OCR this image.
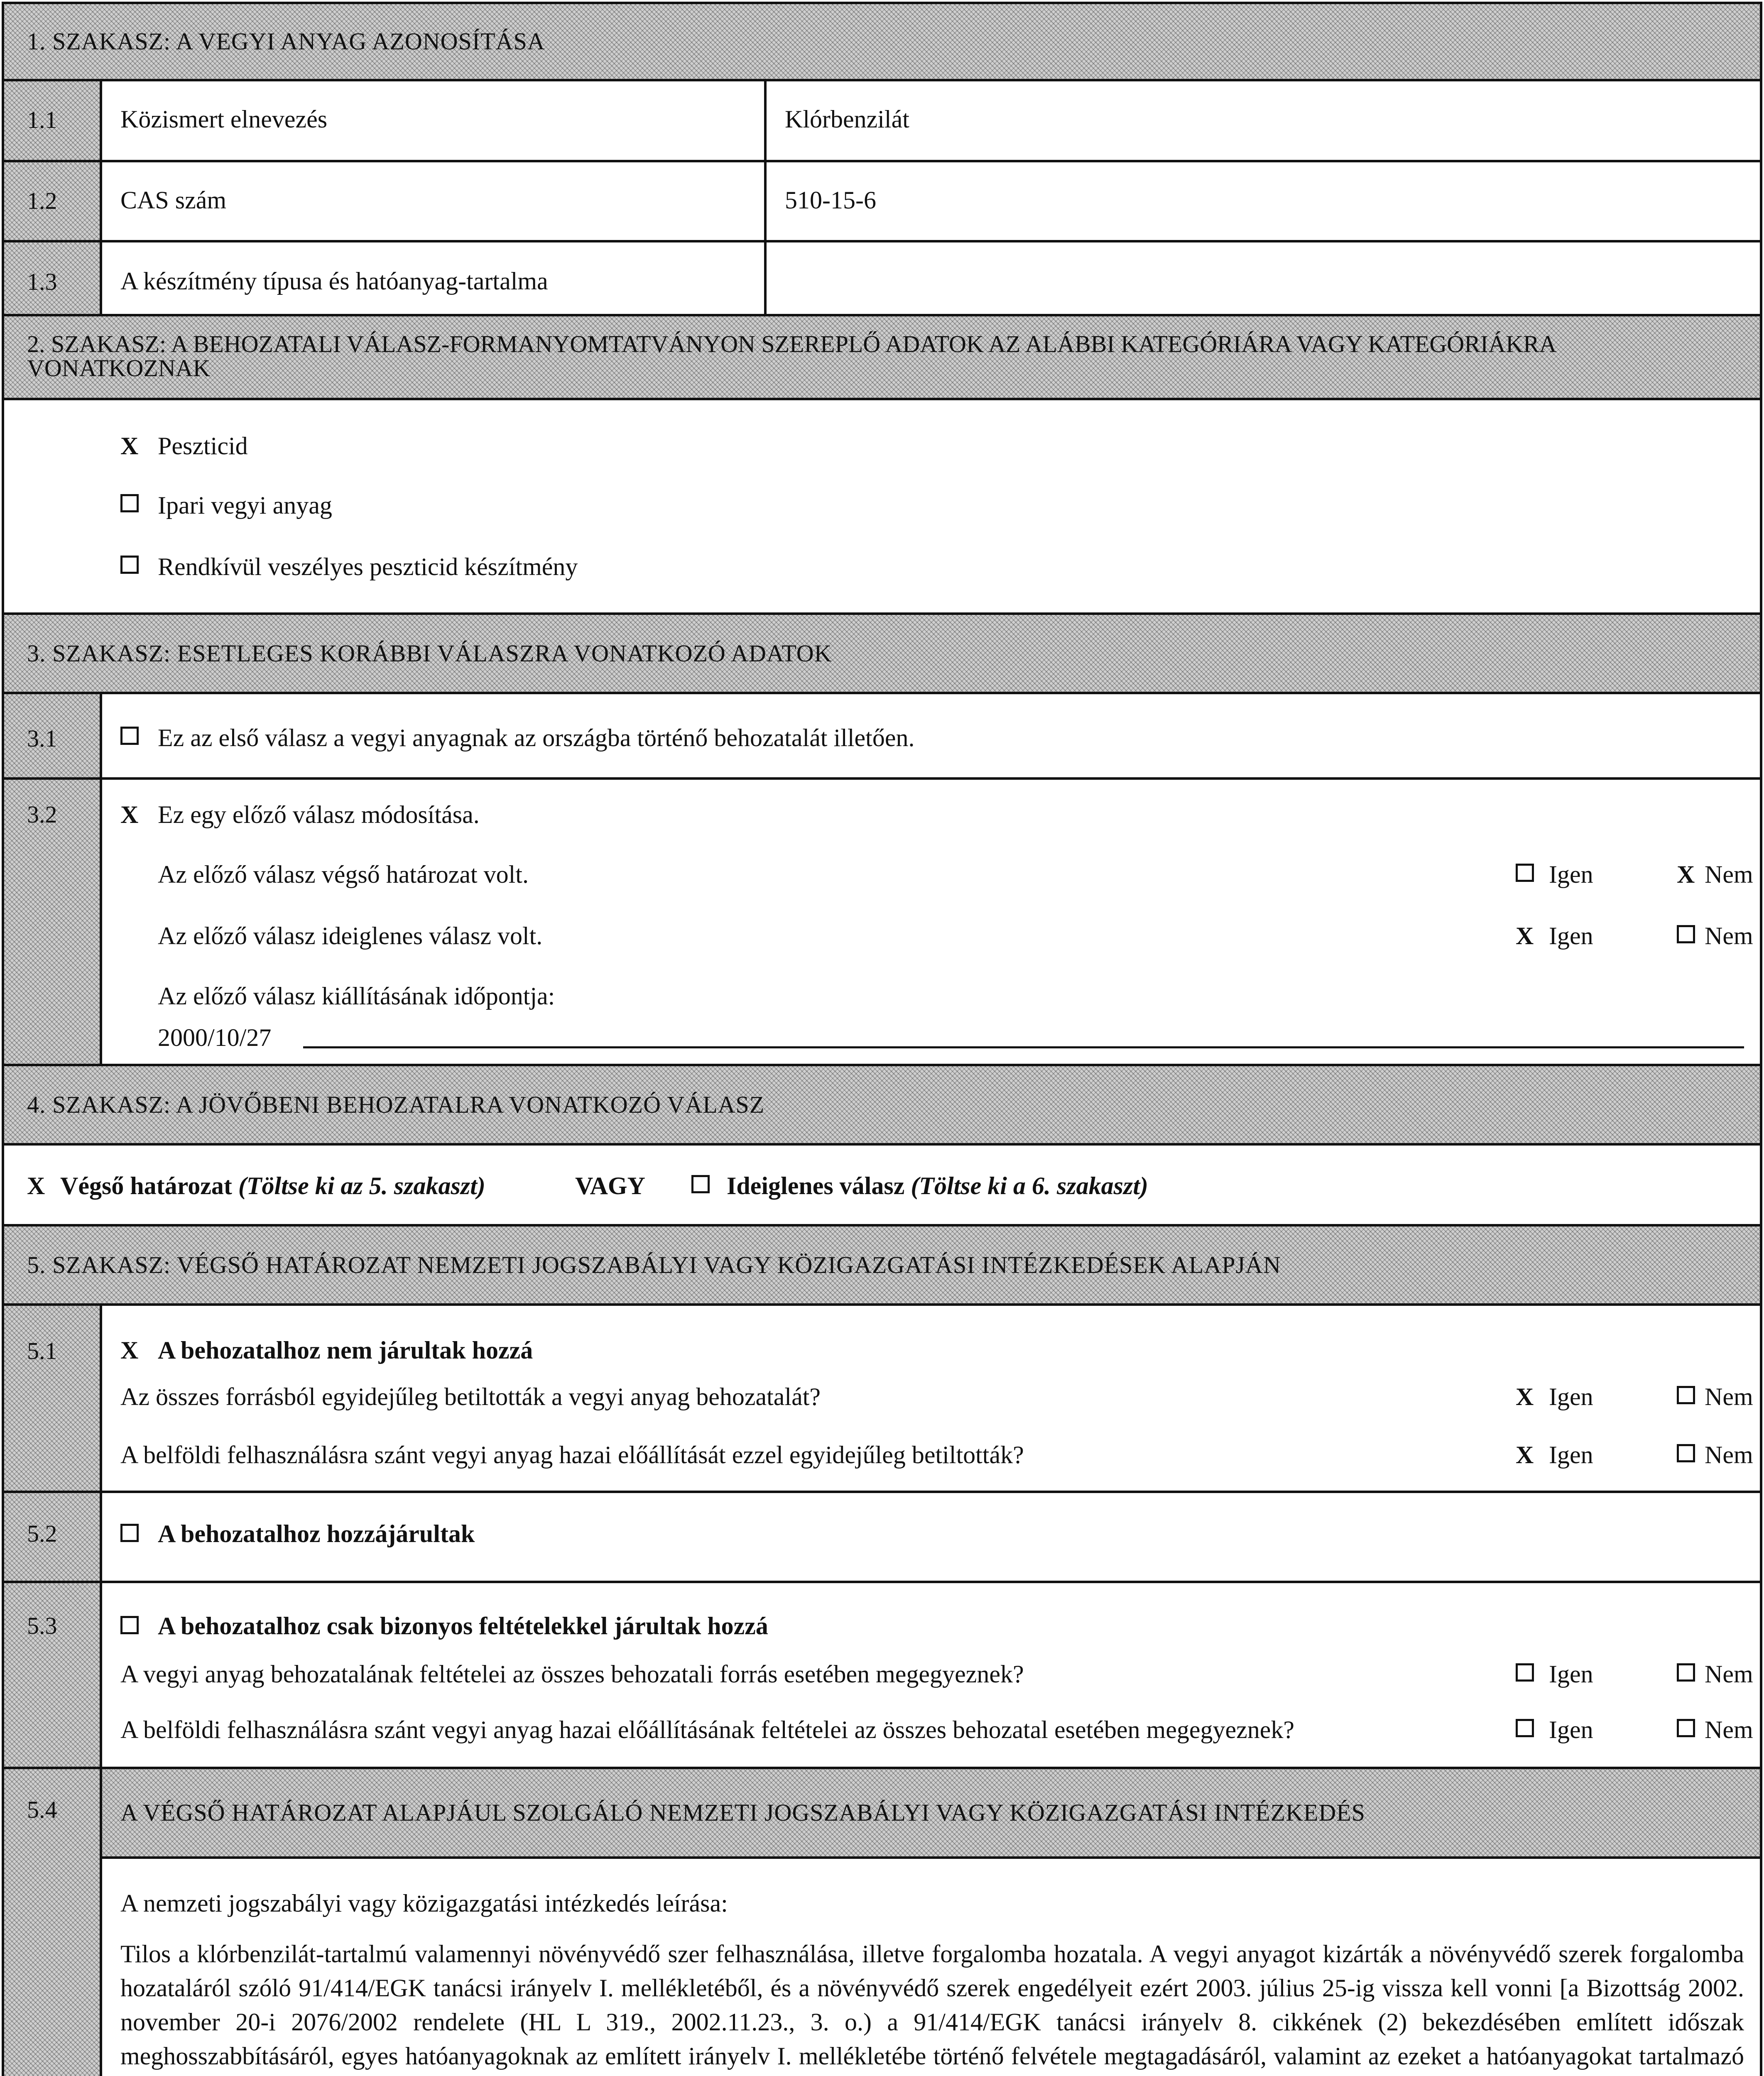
1. SZAKASZ: A VEGYI ANYAG AZONOSÍTÁSA
1.1	Közismert elnevezés	Klórbenzilát
1.2	CAS szám	510-15-6
1.3	A készítmény típusa és hatóanyag-tartalma
2. SZAKASZ: A BEHOZATALI VÁLASZ-FORMANYOMTATVÁNYON SZEREPLŐ ADATOK AZ ALÁBBI KATEGÓRIÁRA VAGY KATEGÓRIÁKRA VONATKOZNAK
X Peszticid
Ipari vegyi anyag
Rendkívül veszélyes peszticid készítmény
3. SZAKASZ: ESETLEGES KORÁBBI VÁLASZRA VONATKOZÓ ADATOK
3.1	Ez az első válasz a vegyi anyagnak az országba történő behozatalát illetően.
3.2	X Ez egy előző válasz módosítása.
Az előző válasz végső határozat volt.	Igen	X Nem
Az előző válasz ideiglenes válasz volt.	X Igen	Nem
Az előző válasz kiállításának időpontja:
2000/10/27
4. SZAKASZ: A JÖVŐBENI BEHOZATALRA VONATKOZÓ VÁLASZ
X Végső határozat (Töltse ki az 5. szakaszt)	VAGY	Ideiglenes válasz (Töltse ki a 6. szakaszt)
5. SZAKASZ: VÉGSŐ HATÁROZAT NEMZETI JOGSZABÁLYI VAGY KÖZIGAZGATÁSI INTÉZKEDÉSEK ALAPJÁN
5.1	X A behozatalhoz nem járultak hozzá
Az összes forrásból egyidejűleg betiltották a vegyi anyag behozatalát?	X Igen	Nem
A belföldi felhasználásra szánt vegyi anyag hazai előállítását ezzel egyidejűleg betiltották?	X Igen	Nem
5.2	A behozatalhoz hozzájárultak
5.3	A behozatalhoz csak bizonyos feltételekkel járultak hozzá
A vegyi anyag behozatalának feltételei az összes behozatali forrás esetében megegyeznek?	Igen	Nem
A belföldi felhasználásra szánt vegyi anyag hazai előállításának feltételei az összes behozatal esetében megegyeznek?	Igen	Nem
5.4	A VÉGSŐ HATÁROZAT ALAPJÁUL SZOLGÁLÓ NEMZETI JOGSZABÁLYI VAGY KÖZIGAZGATÁSI INTÉZKEDÉS
A nemzeti jogszabályi vagy közigazgatási intézkedés leírása:
Tilos a klórbenzilát-tartalmú valamennyi növényvédő szer felhasználása, illetve forgalomba hozatala. A vegyi anyagot kizárták a növényvédő szerek forgalomba hozataláról szóló 91/414/EGK tanácsi irányelv I. mellékletéből, és a növényvédő szerek engedélyeit ezért 2003. július 25-ig vissza kell vonni [a Bizottság 2002. november 20-i 2076/2002 rendelete (HL L 319., 2002.11.23., 3. o.) a 91/414/EGK tanácsi irányelv 8. cikkének (2) bekezdésében említett időszak meghosszabbításáról, egyes hatóanyagoknak az említett irányelv I. mellékletébe történő felvétele megtagadásáról, valamint az ezeket a hatóanyagokat tartalmazó
